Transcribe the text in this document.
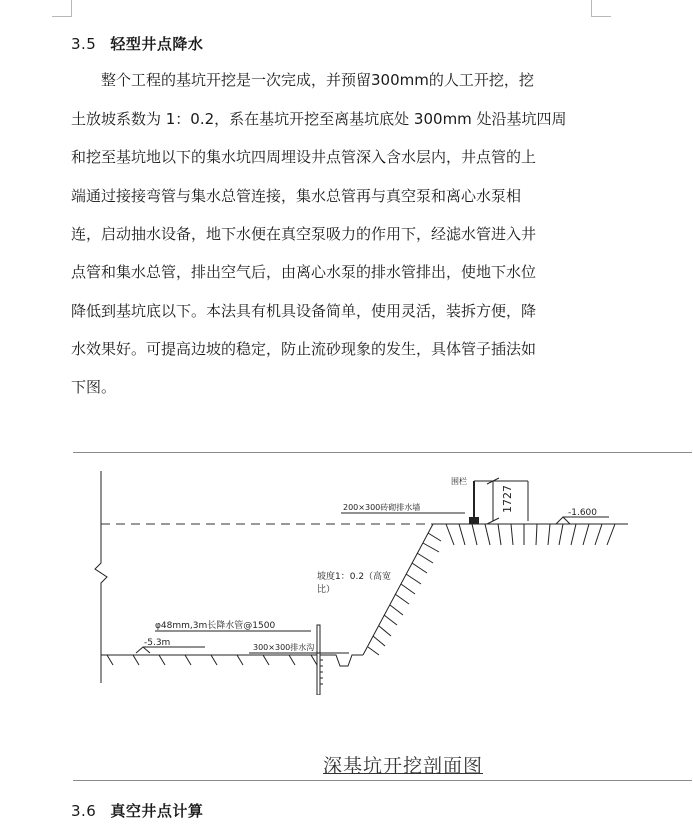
3.5 轻型井点降水
　　整个工程的基坑开挖是一次完成，并预留300mm的人工开挖，挖
土放坡系数为 1：0.2，系在基坑开挖至离基坑底处 300mm 处沿基坑四周
和挖至基坑地以下的集水坑四周埋设井点管深入含水层内，井点管的上
端通过接接弯管与集水总管连接，集水总管再与真空泵和离心水泵相
连，启动抽水设备，地下水便在真空泵吸力的作用下，经滤水管进入井
点管和集水总管，排出空气后，由离心水泵的排水管排出，使地下水位
降低到基坑底以下。本法具有机具设备简单，使用灵活，装拆方便，降
水效果好。可提高边坡的稳定，防止流砂现象的发生，具体管子插法如
下图。
围栏
200×300砖砌排水墙	1727	-1.600
坡度1：0.2（高宽
比）
φ48mm,3m长降水管@1500
-5.3m	300×300排水沟
深基坑开挖剖面图
3.6 真空井点计算
